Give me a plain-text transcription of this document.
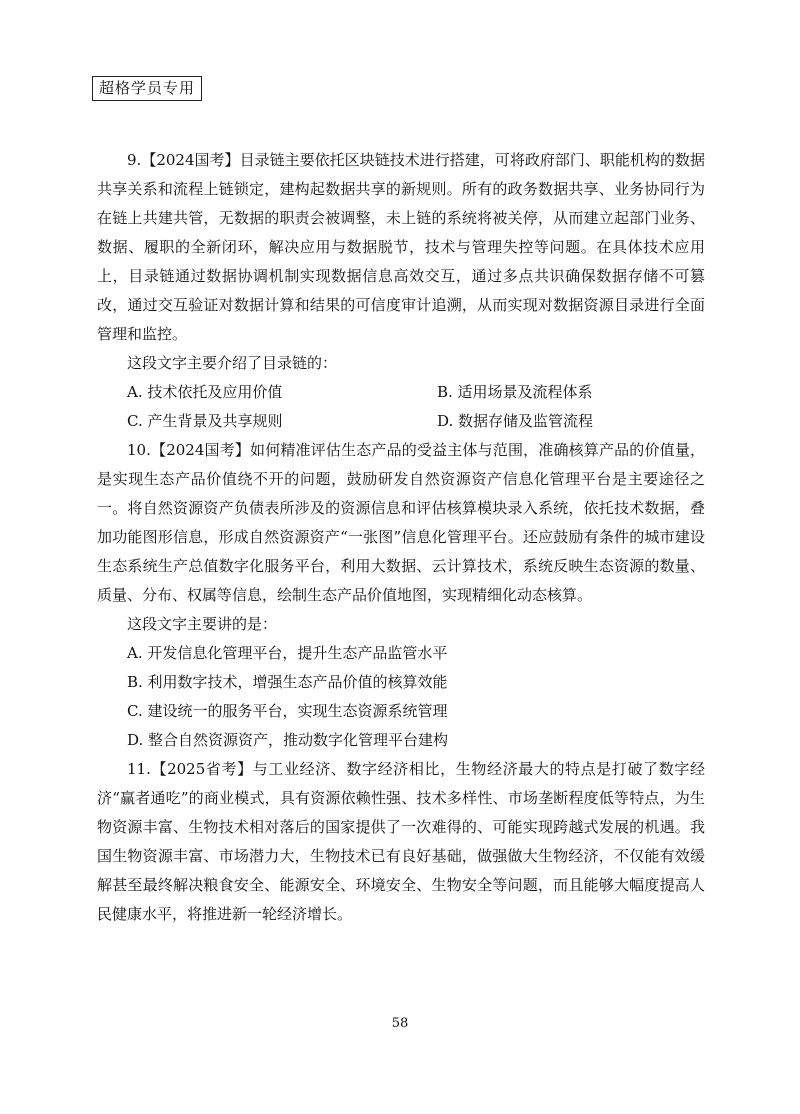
超格学员专用

9.【2024国考】目录链主要依托区块链技术进行搭建，可将政府部门、职能机构的数据共享关系和流程上链锁定，建构起数据共享的新规则。所有的政务数据共享、业务协同行为在链上共建共管，无数据的职责会被调整，未上链的系统将被关停，从而建立起部门业务、数据、履职的全新闭环，解决应用与数据脱节，技术与管理失控等问题。在具体技术应用上，目录链通过数据协调机制实现数据信息高效交互，通过多点共识确保数据存储不可篡改，通过交互验证对数据计算和结果的可信度审计追溯，从而实现对数据资源目录进行全面管理和监控。

这段文字主要介绍了目录链的：

A. 技术依托及应用价值	B. 适用场景及流程体系
C. 产生背景及共享规则	D. 数据存储及监管流程

10.【2024国考】如何精准评估生态产品的受益主体与范围，准确核算产品的价值量，是实现生态产品价值绕不开的问题，鼓励研发自然资源资产信息化管理平台是主要途径之一。将自然资源资产负债表所涉及的资源信息和评估核算模块录入系统，依托技术数据，叠加功能图形信息，形成自然资源资产“一张图”信息化管理平台。还应鼓励有条件的城市建设生态系统生产总值数字化服务平台，利用大数据、云计算技术，系统反映生态资源的数量、质量、分布、权属等信息，绘制生态产品价值地图，实现精细化动态核算。

这段文字主要讲的是：

A. 开发信息化管理平台，提升生态产品监管水平

B. 利用数字技术，增强生态产品价值的核算效能

C. 建设统一的服务平台，实现生态资源系统管理

D. 整合自然资源资产，推动数字化管理平台建构

11.【2025省考】与工业经济、数字经济相比，生物经济最大的特点是打破了数字经济“赢者通吃”的商业模式，具有资源依赖性强、技术多样性、市场垄断程度低等特点，为生物资源丰富、生物技术相对落后的国家提供了一次难得的、可能实现跨越式发展的机遇。我国生物资源丰富、市场潜力大，生物技术已有良好基础，做强做大生物经济，不仅能有效缓解甚至最终解决粮食安全、能源安全、环境安全、生物安全等问题，而且能够大幅度提高人民健康水平，将推进新一轮经济增长。

58
